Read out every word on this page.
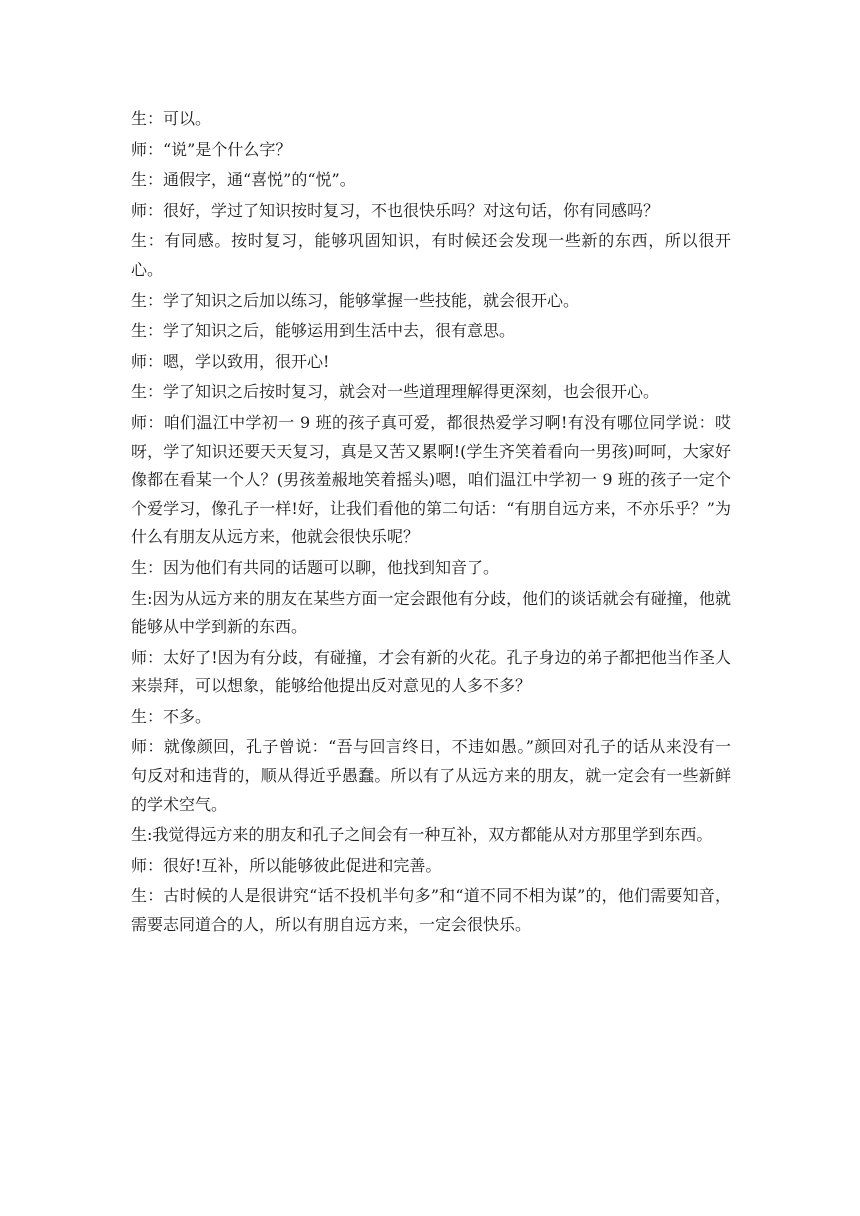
生：可以。

师：“说”是个什么字？

生：通假字，通“喜悦”的“悦”。

师：很好，学过了知识按时复习，不也很快乐吗？对这句话，你有同感吗？

生：有同感。按时复习，能够巩固知识，有时候还会发现一些新的东西，所以很开心。

生：学了知识之后加以练习，能够掌握一些技能，就会很开心。

生：学了知识之后，能够运用到生活中去，很有意思。

师：嗯，学以致用，很开心!

生：学了知识之后按时复习，就会对一些道理理解得更深刻，也会很开心。

师：咱们温江中学初一 9 班的孩子真可爱，都很热爱学习啊!有没有哪位同学说：哎呀，学了知识还要天天复习，真是又苦又累啊!(学生齐笑着看向一男孩)呵呵，大家好像都在看某一个人？(男孩羞赧地笑着摇头)嗯，咱们温江中学初一 9 班的孩子一定个个爱学习，像孔子一样!好，让我们看他的第二句话：“有朋自远方来，不亦乐乎？”为什么有朋友从远方来，他就会很快乐呢？

生：因为他们有共同的话题可以聊，他找到知音了。

生:因为从远方来的朋友在某些方面一定会跟他有分歧，他们的谈话就会有碰撞，他就能够从中学到新的东西。

师：太好了!因为有分歧，有碰撞，才会有新的火花。孔子身边的弟子都把他当作圣人来崇拜，可以想象，能够给他提出反对意见的人多不多？

生：不多。

师：就像颜回，孔子曾说：“吾与回言终日，不违如愚。”颜回对孔子的话从来没有一句反对和违背的，顺从得近乎愚蠢。所以有了从远方来的朋友，就一定会有一些新鲜的学术空气。

生:我觉得远方来的朋友和孔子之间会有一种互补，双方都能从对方那里学到东西。

师：很好!互补，所以能够彼此促进和完善。

生：古时候的人是很讲究“话不投机半句多”和“道不同不相为谋”的，他们需要知音，需要志同道合的人，所以有朋自远方来，一定会很快乐。
